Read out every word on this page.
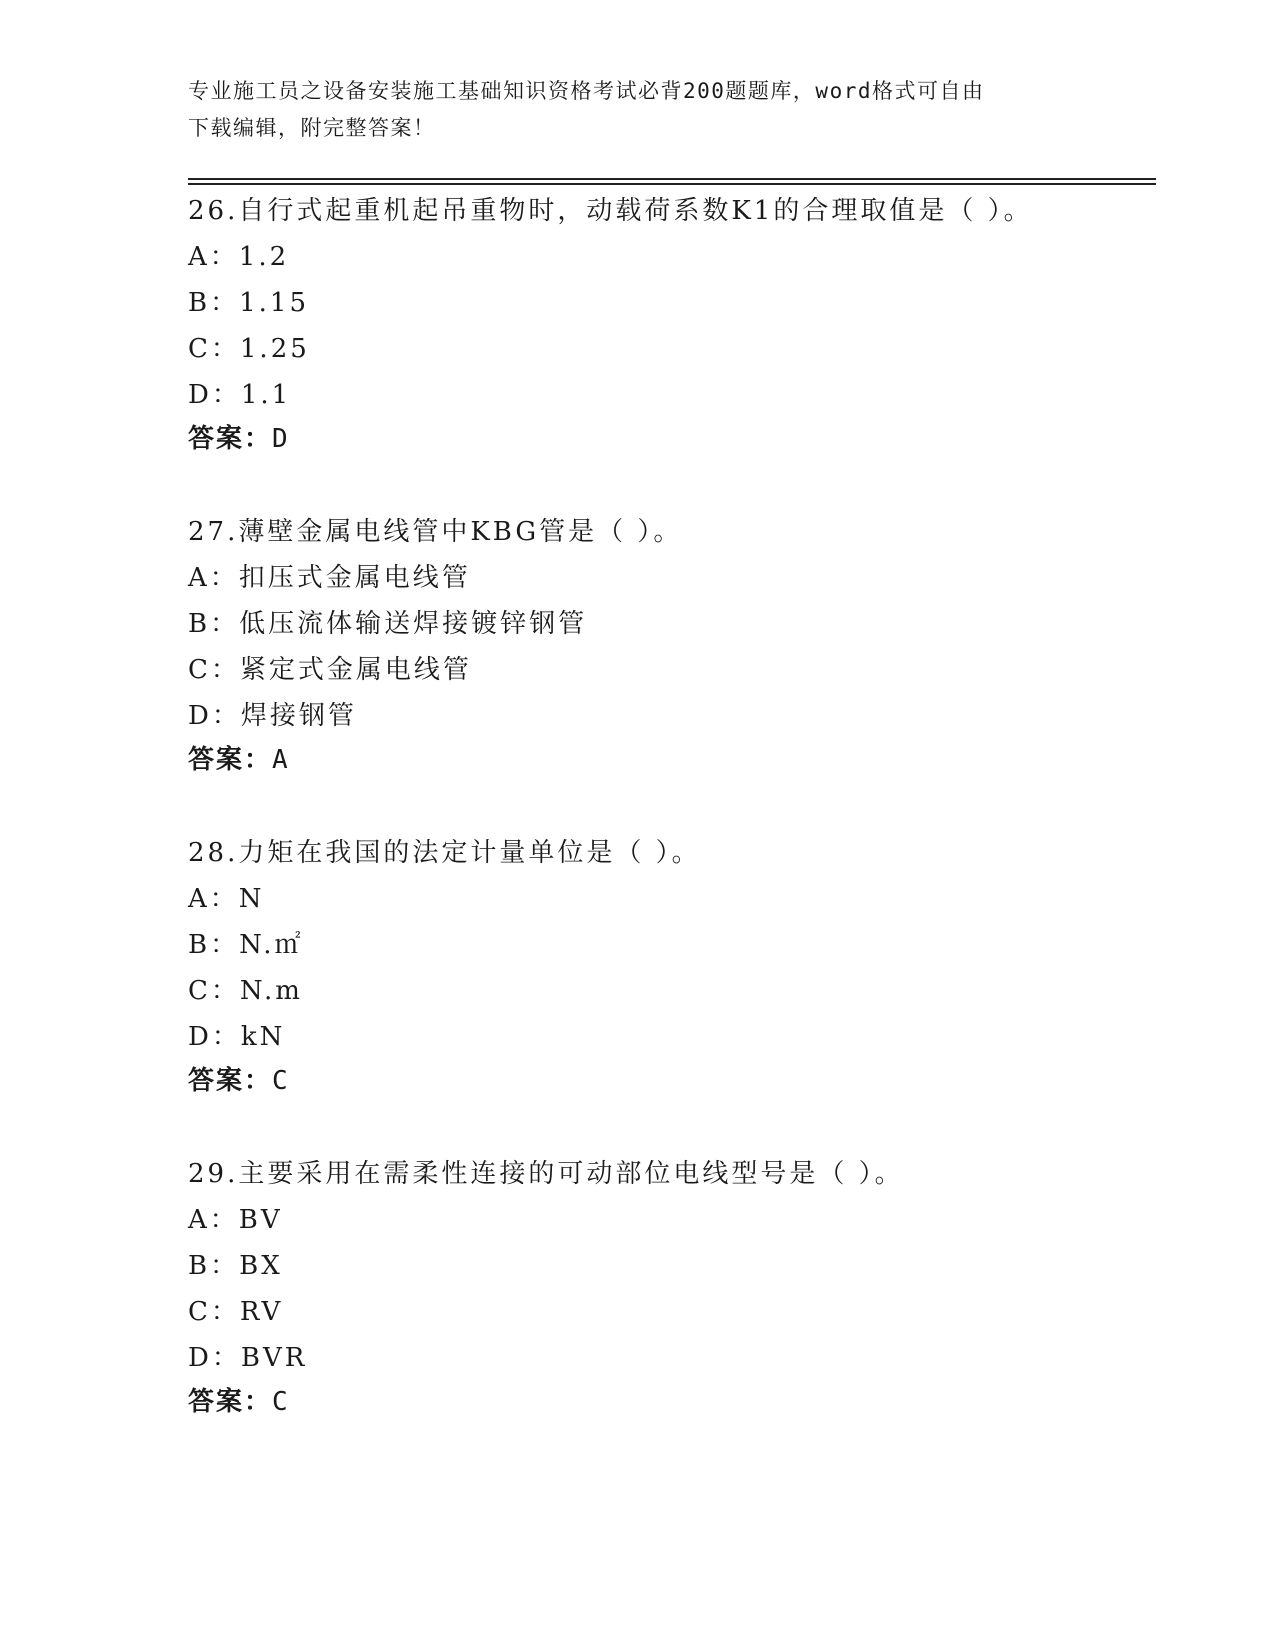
专业施工员之设备安装施工基础知识资格考试必背200题题库，word格式可自由
下载编辑，附完整答案！
26.自行式起重机起吊重物时，动载荷系数K1的合理取值是（ ）。
A：1.2
B：1.15
C：1.25
D：1.1
答案：D
27.薄壁金属电线管中KBG管是（ ）。
A：扣压式金属电线管
B：低压流体输送焊接镀锌钢管
C：紧定式金属电线管
D：焊接钢管
答案：A
28.力矩在我国的法定计量单位是（ ）。
A：N
B：N.㎡
C：N.m
D：kN
答案：C
29.主要采用在需柔性连接的可动部位电线型号是（ ）。
A：BV
B：BX
C：RV
D：BVR
答案：C
